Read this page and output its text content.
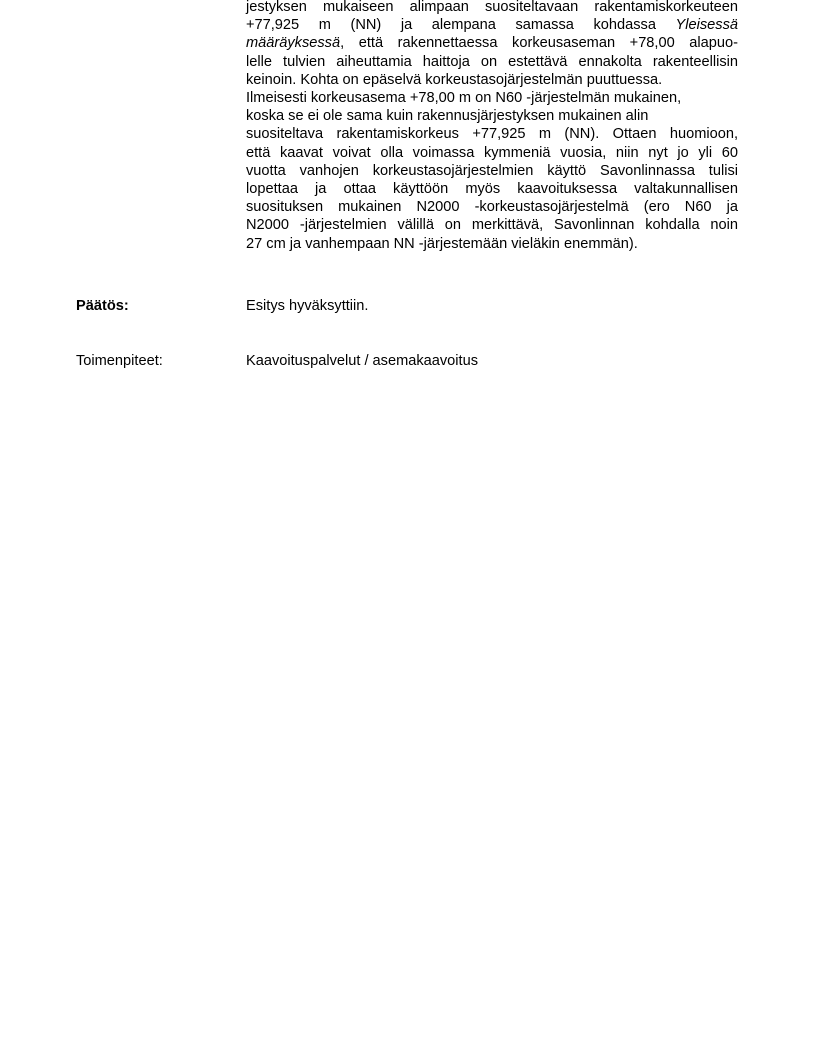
jestyksen mukaiseen alimpaan suositeltavaan rakentamiskorkeuteen
+77,925 m (NN) ja alempana samassa kohdassa Yleisessä
määräyksessä, että rakennettaessa korkeusaseman +78,00 alapuo-
lelle tulvien aiheuttamia haittoja on estettävä ennakolta rakenteellisin
keinoin. Kohta on epäselvä korkeustasojärjestelmän puuttuessa.
Ilmeisesti korkeusasema +78,00 m on N60 -järjestelmän mukainen,
koska se ei ole sama kuin rakennusjärjestyksen mukainen alin
suositeltava rakentamiskorkeus +77,925 m (NN). Ottaen huomioon,
että kaavat voivat olla voimassa kymmeniä vuosia, niin nyt jo yli 60
vuotta vanhojen korkeustasojärjestelmien käyttö Savonlinnassa tulisi
lopettaa ja ottaa käyttöön myös kaavoituksessa valtakunnallisen
suosituksen mukainen N2000 -korkeustasojärjestelmä (ero N60 ja
N2000 -järjestelmien välillä on merkittävä, Savonlinnan kohdalla noin
27 cm ja vanhempaan NN -järjestemään vieläkin enemmän).
Päätös:	Esitys hyväksyttiin.
Toimenpiteet:	Kaavoituspalvelut / asemakaavoitus
